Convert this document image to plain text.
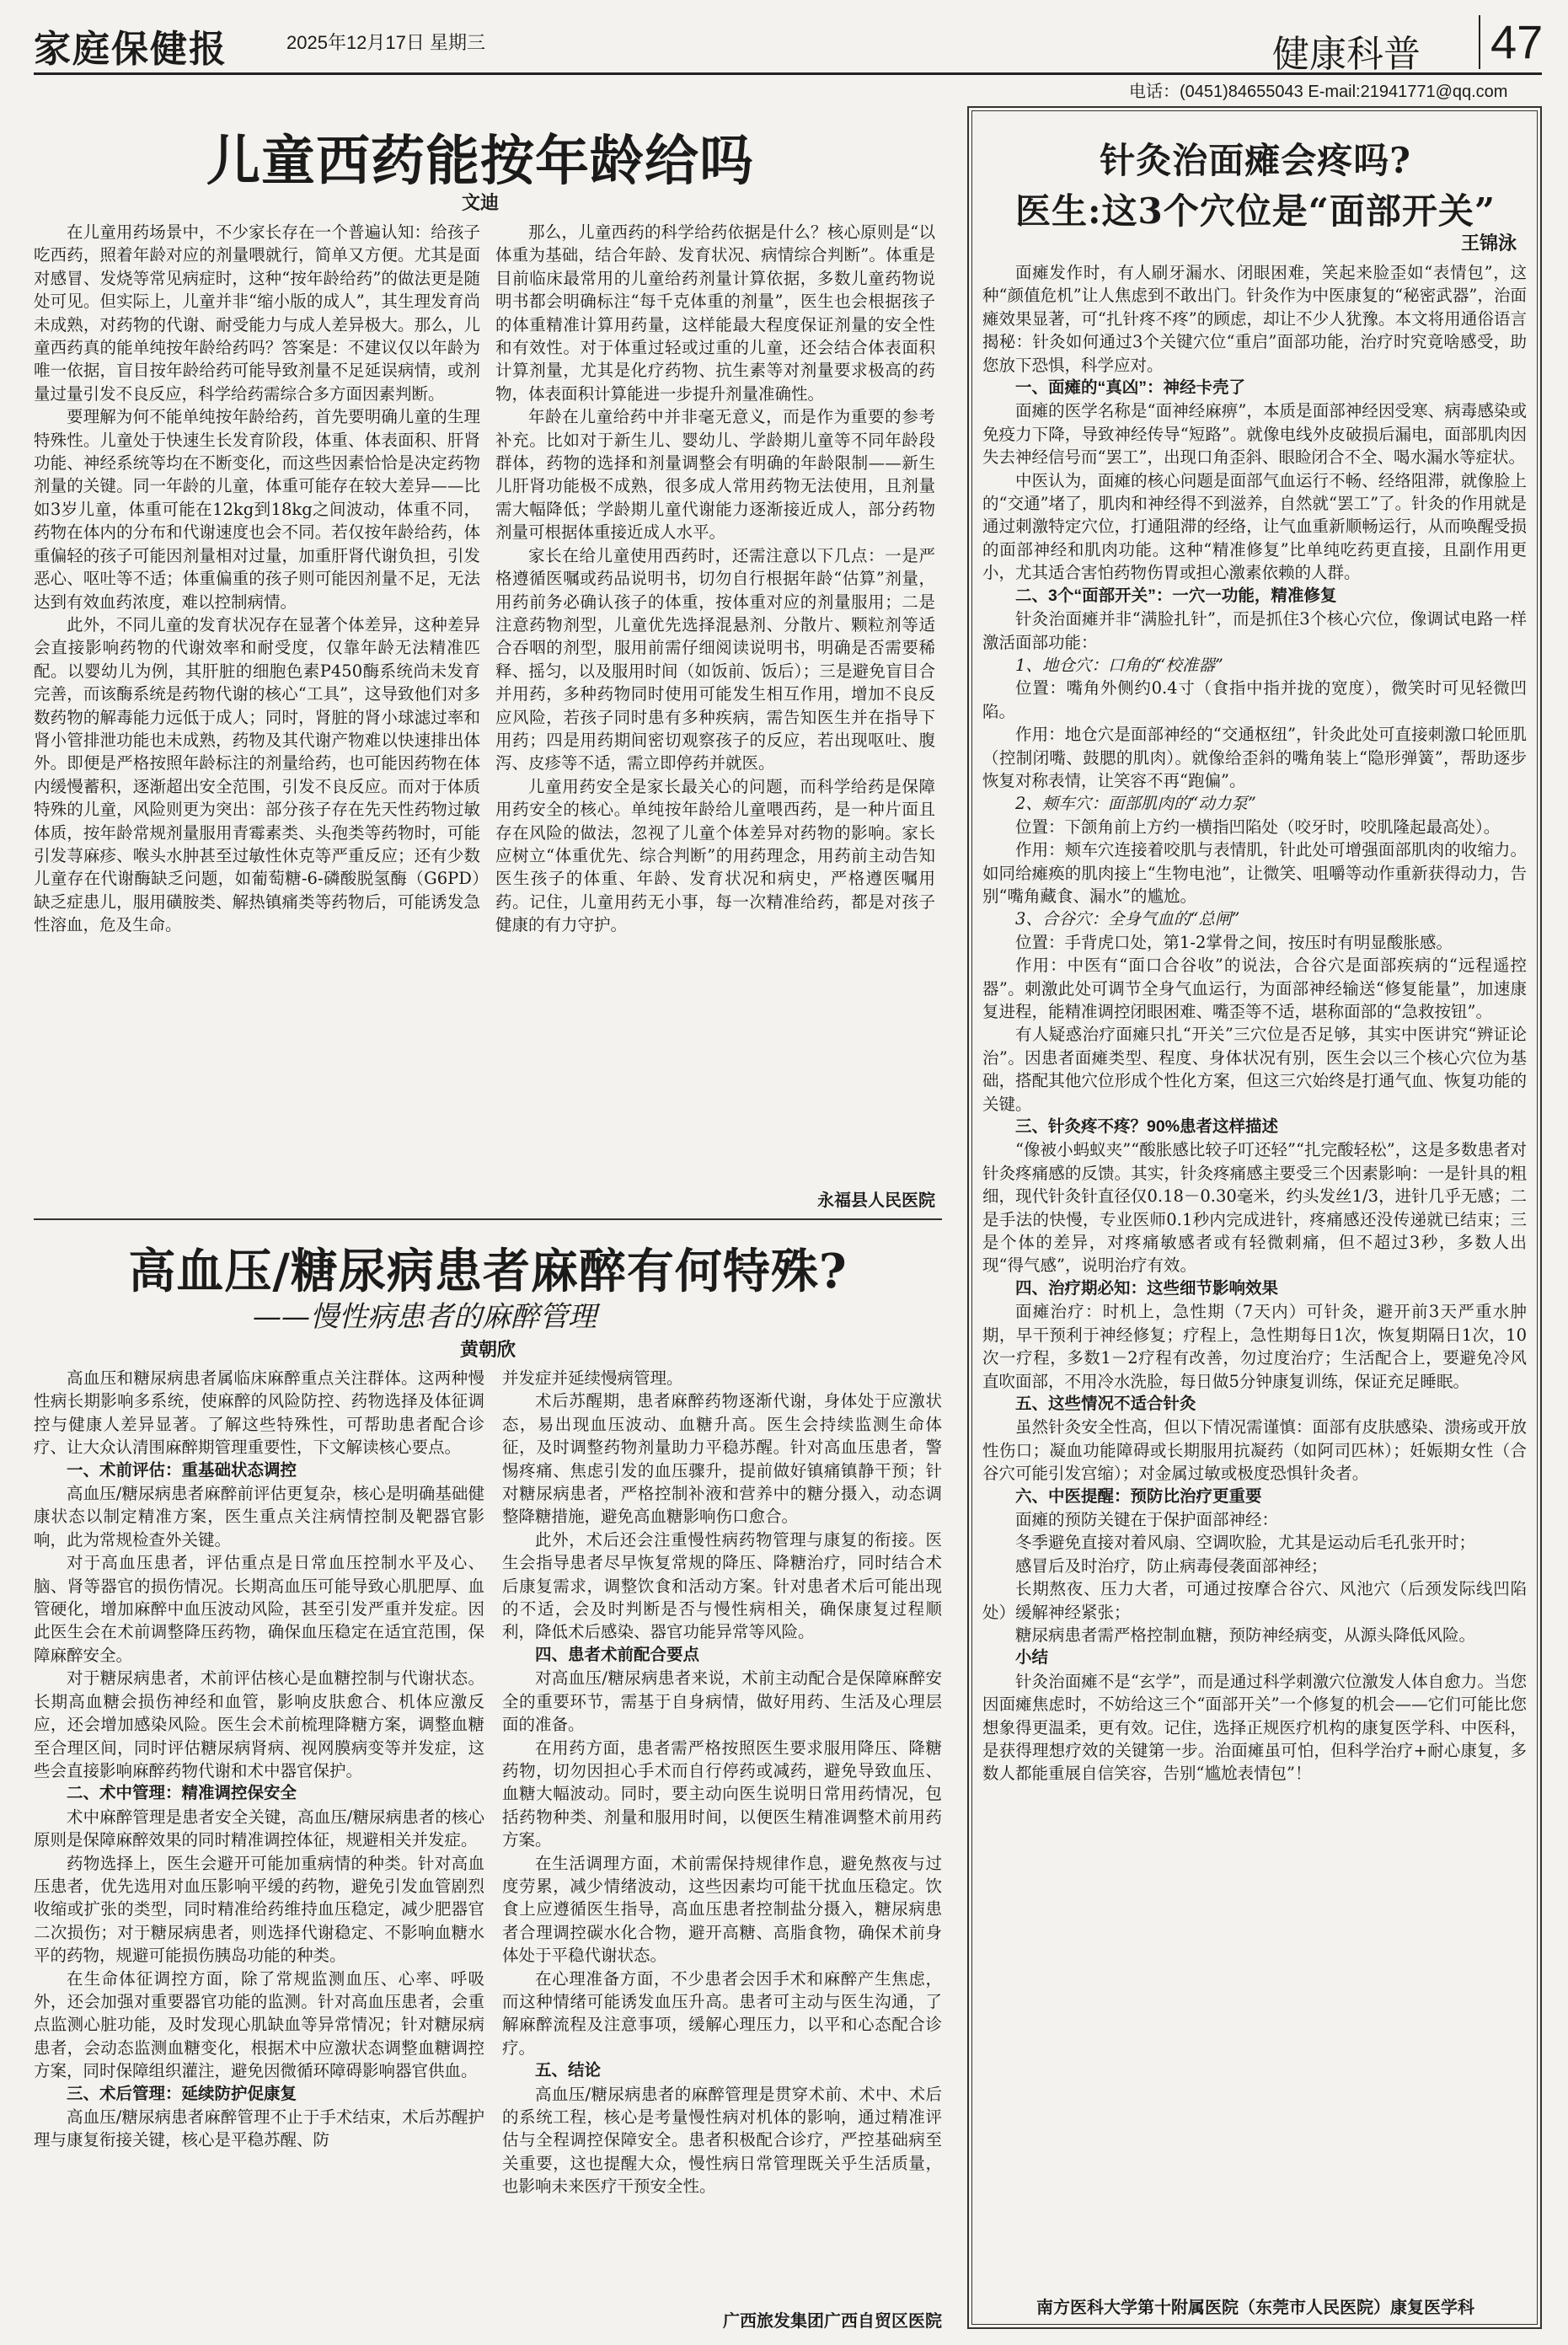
家庭保健报	2025年12月17日 星期三	健康科普 47
电话：(0451)84655043 E-mail:21941771@qq.com
儿童西药能按年龄给吗
文迪

在儿童用药场景中，不少家长存在一个普遍认知：给孩子吃西药，照着年龄对应的剂量喂就行，简单又方便。尤其是面对感冒、发烧等常见病症时，这种“按年龄给药”的做法更是随处可见。但实际上，儿童并非“缩小版的成人”，其生理发育尚未成熟，对药物的代谢、耐受能力与成人差异极大。那么，儿童西药真的能单纯按年龄给药吗？答案是：不建议仅以年龄为唯一依据，盲目按年龄给药可能导致剂量不足延误病情，或剂量过量引发不良反应，科学给药需综合多方面因素判断。

要理解为何不能单纯按年龄给药，首先要明确儿童的生理特殊性。儿童处于快速生长发育阶段，体重、体表面积、肝肾功能、神经系统等均在不断变化，而这些因素恰恰是决定药物剂量的关键。同一年龄的儿童，体重可能存在较大差异——比如3岁儿童，体重可能在12kg到18kg之间波动，体重不同，药物在体内的分布和代谢速度也会不同。若仅按年龄给药，体重偏轻的孩子可能因剂量相对过量，加重肝肾代谢负担，引发恶心、呕吐等不适；体重偏重的孩子则可能因剂量不足，无法达到有效血药浓度，难以控制病情。

此外，不同儿童的发育状况存在显著个体差异，这种差异会直接影响药物的代谢效率和耐受度，仅靠年龄无法精准匹配。以婴幼儿为例，其肝脏的细胞色素P450酶系统尚未发育完善，而该酶系统是药物代谢的核心“工具”，这导致他们对多数药物的解毒能力远低于成人；同时，肾脏的肾小球滤过率和肾小管排泄功能也未成熟，药物及其代谢产物难以快速排出体外。即便是严格按照年龄标注的剂量给药，也可能因药物在体内缓慢蓄积，逐渐超出安全范围，引发不良反应。而对于体质特殊的儿童，风险则更为突出：部分孩子存在先天性药物过敏体质，按年龄常规剂量服用青霉素类、头孢类等药物时，可能引发荨麻疹、喉头水肿甚至过敏性休克等严重反应；还有少数儿童存在代谢酶缺乏问题，如葡萄糖-6-磷酸脱氢酶（G6PD）缺乏症患儿，服用磺胺类、解热镇痛类等药物后，可能诱发急性溶血，危及生命。

那么，儿童西药的科学给药依据是什么？核心原则是“以体重为基础，结合年龄、发育状况、病情综合判断”。体重是目前临床最常用的儿童给药剂量计算依据，多数儿童药物说明书都会明确标注“每千克体重的剂量”，医生也会根据孩子的体重精准计算用药量，这样能最大程度保证剂量的安全性和有效性。对于体重过轻或过重的儿童，还会结合体表面积计算剂量，尤其是化疗药物、抗生素等对剂量要求极高的药物，体表面积计算能进一步提升剂量准确性。

年龄在儿童给药中并非毫无意义，而是作为重要的参考补充。比如对于新生儿、婴幼儿、学龄期儿童等不同年龄段群体，药物的选择和剂量调整会有明确的年龄限制——新生儿肝肾功能极不成熟，很多成人常用药物无法使用，且剂量需大幅降低；学龄期儿童代谢能力逐渐接近成人，部分药物剂量可根据体重接近成人水平。

家长在给儿童使用西药时，还需注意以下几点：一是严格遵循医嘱或药品说明书，切勿自行根据年龄“估算”剂量，用药前务必确认孩子的体重，按体重对应的剂量服用；二是注意药物剂型，儿童优先选择混悬剂、分散片、颗粒剂等适合吞咽的剂型，服用前需仔细阅读说明书，明确是否需要稀释、摇匀，以及服用时间（如饭前、饭后）；三是避免盲目合并用药，多种药物同时使用可能发生相互作用，增加不良反应风险，若孩子同时患有多种疾病，需告知医生并在指导下用药；四是用药期间密切观察孩子的反应，若出现呕吐、腹泻、皮疹等不适，需立即停药并就医。

儿童用药安全是家长最关心的问题，而科学给药是保障用药安全的核心。单纯按年龄给儿童喂西药，是一种片面且存在风险的做法，忽视了儿童个体差异对药物的影响。家长应树立“体重优先、综合判断”的用药理念，用药前主动告知医生孩子的体重、年龄、发育状况和病史，严格遵医嘱用药。记住，儿童用药无小事，每一次精准给药，都是对孩子健康的有力守护。

永福县人民医院
高血压/糖尿病患者麻醉有何特殊?
——慢性病患者的麻醉管理
黄朝欣

高血压和糖尿病患者属临床麻醉重点关注群体。这两种慢性病长期影响多系统，使麻醉的风险防控、药物选择及体征调控与健康人差异显著。了解这些特殊性，可帮助患者配合诊疗、让大众认清围麻醉期管理重要性，下文解读核心要点。

一、术前评估：重基础状态调控

高血压/糖尿病患者麻醉前评估更复杂，核心是明确基础健康状态以制定精准方案，医生重点关注病情控制及靶器官影响，此为常规检查外关键。

对于高血压患者，评估重点是日常血压控制水平及心、脑、肾等器官的损伤情况。长期高血压可能导致心肌肥厚、血管硬化，增加麻醉中血压波动风险，甚至引发严重并发症。因此医生会在术前调整降压药物，确保血压稳定在适宜范围，保障麻醉安全。

对于糖尿病患者，术前评估核心是血糖控制与代谢状态。长期高血糖会损伤神经和血管，影响皮肤愈合、机体应激反应，还会增加感染风险。医生会术前梳理降糖方案，调整血糖至合理区间，同时评估糖尿病肾病、视网膜病变等并发症，这些会直接影响麻醉药物代谢和术中器官保护。

二、术中管理：精准调控保安全

术中麻醉管理是患者安全关键，高血压/糖尿病患者的核心原则是保障麻醉效果的同时精准调控体征，规避相关并发症。

药物选择上，医生会避开可能加重病情的种类。针对高血压患者，优先选用对血压影响平缓的药物，避免引发血管剧烈收缩或扩张的类型，同时精准给药维持血压稳定，减少肥器官二次损伤；对于糖尿病患者，则选择代谢稳定、不影响血糖水平的药物，规避可能损伤胰岛功能的种类。

在生命体征调控方面，除了常规监测血压、心率、呼吸外，还会加强对重要器官功能的监测。针对高血压患者，会重点监测心脏功能，及时发现心肌缺血等异常情况；针对糖尿病患者，会动态监测血糖变化，根据术中应激状态调整血糖调控方案，同时保障组织灌注，避免因微循环障碍影响器官供血。

三、术后管理：延续防护促康复

高血压/糖尿病患者麻醉管理不止于手术结束，术后苏醒护理与康复衔接关键，核心是平稳苏醒、防

并发症并延续慢病管理。

术后苏醒期，患者麻醉药物逐渐代谢，身体处于应激状态，易出现血压波动、血糖升高。医生会持续监测生命体征，及时调整药物剂量助力平稳苏醒。针对高血压患者，警惕疼痛、焦虑引发的血压骤升，提前做好镇痛镇静干预；针对糖尿病患者，严格控制补液和营养中的糖分摄入，动态调整降糖措施，避免高血糖影响伤口愈合。

此外，术后还会注重慢性病药物管理与康复的衔接。医生会指导患者尽早恢复常规的降压、降糖治疗，同时结合术后康复需求，调整饮食和活动方案。针对患者术后可能出现的不适，会及时判断是否与慢性病相关，确保康复过程顺利，降低术后感染、器官功能异常等风险。

四、患者术前配合要点

对高血压/糖尿病患者来说，术前主动配合是保障麻醉安全的重要环节，需基于自身病情，做好用药、生活及心理层面的准备。

在用药方面，患者需严格按照医生要求服用降压、降糖药物，切勿因担心手术而自行停药或减药，避免导致血压、血糖大幅波动。同时，要主动向医生说明日常用药情况，包括药物种类、剂量和服用时间，以便医生精准调整术前用药方案。

在生活调理方面，术前需保持规律作息，避免熬夜与过度劳累，减少情绪波动，这些因素均可能干扰血压稳定。饮食上应遵循医生指导，高血压患者控制盐分摄入，糖尿病患者合理调控碳水化合物，避开高糖、高脂食物，确保术前身体处于平稳代谢状态。

在心理准备方面，不少患者会因手术和麻醉产生焦虑，而这种情绪可能诱发血压升高。患者可主动与医生沟通，了解麻醉流程及注意事项，缓解心理压力，以平和心态配合诊疗。

五、结论

高血压/糖尿病患者的麻醉管理是贯穿术前、术中、术后的系统工程，核心是考量慢性病对机体的影响，通过精准评估与全程调控保障安全。患者积极配合诊疗，严控基础病至关重要，这也提醒大众，慢性病日常管理既关乎生活质量，也影响未来医疗干预安全性。

广西旅发集团广西自贸区医院
针灸治面瘫会疼吗?
医生:这3个穴位是“面部开关”
王锦泳

面瘫发作时，有人刷牙漏水、闭眼困难，笑起来脸歪如“表情包”，这种“颜值危机”让人焦虑到不敢出门。针灸作为中医康复的“秘密武器”，治面瘫效果显著，可“扎针疼不疼”的顾虑，却让不少人犹豫。本文将用通俗语言揭秘：针灸如何通过3个关键穴位“重启”面部功能，治疗时究竟啥感受，助您放下恐惧，科学应对。

一、面瘫的“真凶”：神经卡壳了

面瘫的医学名称是“面神经麻痹”，本质是面部神经因受寒、病毒感染或免疫力下降，导致神经传导“短路”。就像电线外皮破损后漏电，面部肌肉因失去神经信号而“罢工”，出现口角歪斜、眼睑闭合不全、喝水漏水等症状。

中医认为，面瘫的核心问题是面部气血运行不畅、经络阻滞，就像脸上的“交通”堵了，肌肉和神经得不到滋养，自然就“罢工”了。针灸的作用就是通过刺激特定穴位，打通阻滞的经络，让气血重新顺畅运行，从而唤醒受损的面部神经和肌肉功能。这种“精准修复”比单纯吃药更直接，且副作用更小，尤其适合害怕药物伤胃或担心激素依赖的人群。

二、3个“面部开关”：一穴一功能，精准修复

针灸治面瘫并非“满脸扎针”，而是抓住3个核心穴位，像调试电路一样激活面部功能：

1、地仓穴：口角的“校准器”

位置：嘴角外侧约0.4寸（食指中指并拢的宽度），微笑时可见轻微凹陷。

作用：地仓穴是面部神经的“交通枢纽”，针灸此处可直接刺激口轮匝肌（控制闭嘴、鼓腮的肌肉）。就像给歪斜的嘴角装上“隐形弹簧”，帮助逐步恢复对称表情，让笑容不再“跑偏”。

2、颊车穴：面部肌肉的“动力泵”

位置：下颌角前上方约一横指凹陷处（咬牙时，咬肌隆起最高处）。

作用：颊车穴连接着咬肌与表情肌，针此处可增强面部肌肉的收缩力。如同给瘫痪的肌肉接上“生物电池”，让微笑、咀嚼等动作重新获得动力，告别“嘴角藏食、漏水”的尴尬。

3、合谷穴：全身气血的“总闸”

位置：手背虎口处，第1-2掌骨之间，按压时有明显酸胀感。

作用：中医有“面口合谷收”的说法，合谷穴是面部疾病的“远程遥控器”。刺激此处可调节全身气血运行，为面部神经输送“修复能量”，加速康复进程，能精准调控闭眼困难、嘴歪等不适，堪称面部的“急救按钮”。

有人疑惑治疗面瘫只扎“开关”三穴位是否足够，其实中医讲究“辨证论治”。因患者面瘫类型、程度、身体状况有别，医生会以三个核心穴位为基础，搭配其他穴位形成个性化方案，但这三穴始终是打通气血、恢复功能的关键。

三、针灸疼不疼？90%患者这样描述

“像被小蚂蚁夹”“酸胀感比较子叮还轻”“扎完酸轻松”，这是多数患者对针灸疼痛感的反馈。其实，针灸疼痛感主要受三个因素影响：一是针具的粗细，现代针灸针直径仅0.18－0.30毫米，约头发丝1/3，进针几乎无感；二是手法的快慢，专业医师0.1秒内完成进针，疼痛感还没传递就已结束；三是个体的差异，对疼痛敏感者或有轻微刺痛，但不超过3秒，多数人出现“得气感”，说明治疗有效。

四、治疗期必知：这些细节影响效果

面瘫治疗：时机上，急性期（7天内）可针灸，避开前3天严重水肿期，早干预利于神经修复；疗程上，急性期每日1次，恢复期隔日1次，10次一疗程，多数1－2疗程有改善，勿过度治疗；生活配合上，要避免冷风直吹面部，不用冷水洗脸，每日做5分钟康复训练，保证充足睡眠。

五、这些情况不适合针灸

虽然针灸安全性高，但以下情况需谨慎：面部有皮肤感染、溃疡或开放性伤口；凝血功能障碍或长期服用抗凝药（如阿司匹林）；妊娠期女性（合谷穴可能引发宫缩）；对金属过敏或极度恐惧针灸者。

六、中医提醒：预防比治疗更重要

面瘫的预防关键在于保护面部神经：

冬季避免直接对着风扇、空调吹脸，尤其是运动后毛孔张开时；

感冒后及时治疗，防止病毒侵袭面部神经；

长期熬夜、压力大者，可通过按摩合谷穴、风池穴（后颈发际线凹陷处）缓解神经紧张；

糖尿病患者需严格控制血糖，预防神经病变，从源头降低风险。

小结

针灸治面瘫不是“玄学”，而是通过科学刺激穴位激发人体自愈力。当您因面瘫焦虑时，不妨给这三个“面部开关”一个修复的机会——它们可能比您想象得更温柔，更有效。记住，选择正规医疗机构的康复医学科、中医科，是获得理想疗效的关键第一步。治面瘫虽可怕，但科学治疗+耐心康复，多数人都能重展自信笑容，告别“尴尬表情包”！

南方医科大学第十附属医院（东莞市人民医院）康复医学科
